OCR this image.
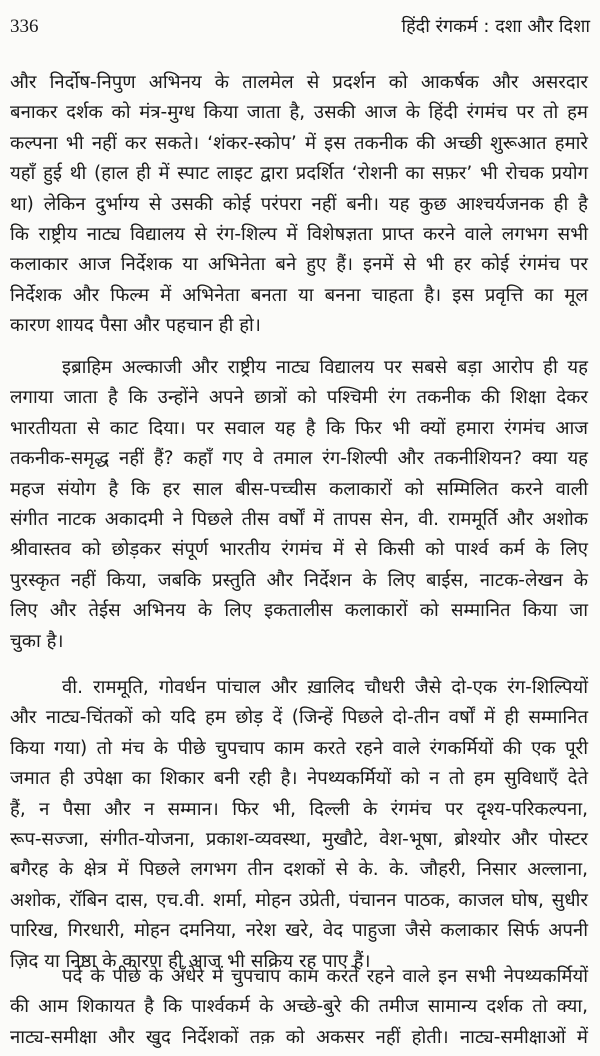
336	हिंदी रंगकर्म : दशा और दिशा
और निर्दोष-निपुण अभिनय के तालमेल से प्रदर्शन को आकर्षक और असरदार
बनाकर दर्शक को मंत्र-मुग्ध किया जाता है, उसकी आज के हिंदी रंगमंच पर तो हम
कल्पना भी नहीं कर सकते। ‘शंकर-स्कोप’ में इस तकनीक की अच्छी शुरूआत हमारे
यहाँ हुई थी (हाल ही में स्पाट लाइट द्वारा प्रदर्शित ‘रोशनी का सफ़र’ भी रोचक प्रयोग
था) लेकिन दुर्भाग्य से उसकी कोई परंपरा नहीं बनी। यह कुछ आश्चर्यजनक ही है
कि राष्ट्रीय नाट्य विद्यालय से रंग-शिल्प में विशेषज्ञता प्राप्त करने वाले लगभग सभी
कलाकार आज निर्देशक या अभिनेता बने हुए हैं। इनमें से भी हर कोई रंगमंच पर
निर्देशक और फिल्म में अभिनेता बनता या बनना चाहता है। इस प्रवृत्ति का मूल
कारण शायद पैसा और पहचान ही हो।
इब्राहिम अल्काजी और राष्ट्रीय नाट्य विद्यालय पर सबसे बड़ा आरोप ही यह
लगाया जाता है कि उन्होंने अपने छात्रों को पश्चिमी रंग तकनीक की शिक्षा देकर
भारतीयता से काट दिया। पर सवाल यह है कि फिर भी क्यों हमारा रंगमंच आज
तकनीक-समृद्ध नहीं हैं? कहाँ गए वे तमाल रंग-शिल्पी और तकनीशियन? क्या यह
महज संयोग है कि हर साल बीस-पच्चीस कलाकारों को सम्मिलित करने वाली
संगीत नाटक अकादमी ने पिछले तीस वर्षों में तापस सेन, वी. राममूर्ति और अशोक
श्रीवास्तव को छोड़कर संपूर्ण भारतीय रंगमंच में से किसी को पार्श्व कर्म के लिए
पुरस्कृत नहीं किया, जबकि प्रस्तुति और निर्देशन के लिए बाईस, नाटक-लेखन के
लिए और तेईस अभिनय के लिए इकतालीस कलाकारों को सम्मानित किया जा
चुका है।
वी. राममूति, गोवर्धन पांचाल और ख़ालिद चौधरी जैसे दो-एक रंग-शिल्पियों
और नाट्य-चिंतकों को यदि हम छोड़ दें (जिन्हें पिछले दो-तीन वर्षों में ही सम्मानित
किया गया) तो मंच के पीछे चुपचाप काम करते रहने वाले रंगकर्मियों की एक पूरी
जमात ही उपेक्षा का शिकार बनी रही है। नेपथ्यकर्मियों को न तो हम सुविधाएँ देते
हैं, न पैसा और न सम्मान। फिर भी, दिल्ली के रंगमंच पर दृश्य-परिकल्पना,
रूप-सज्जा, संगीत-योजना, प्रकाश-व्यवस्था, मुखौटे, वेश-भूषा, ब्रोश्योर और पोस्टर
बगैरह के क्षेत्र में पिछले लगभग तीन दशकों से के. के. जौहरी, निसार अल्लाना,
अशोक, रॉबिन दास, एच.वी. शर्मा, मोहन उप्रेती, पंचानन पाठक, काजल घोष, सुधीर
पारिख, गिरधारी, मोहन दमनिया, नरेश खरे, वेद पाहुजा जैसे कलाकार सिर्फ अपनी
ज़िद या निष्ठा के कारण ही आज भी सक्रिय रह पाए हैं।
पर्दे के पीछे के अँधेरे में चुपचाप काम करते रहने वाले इन सभी नेपथ्यकर्मियों
की आम शिकायत है कि पार्श्वकर्म के अच्छे-बुरे की तमीज सामान्य दर्शक तो क्या,
नाट्य-समीक्षा और खुद निर्देशकों तक़ को अकसर नहीं होती। नाट्य-समीक्षाओं में
